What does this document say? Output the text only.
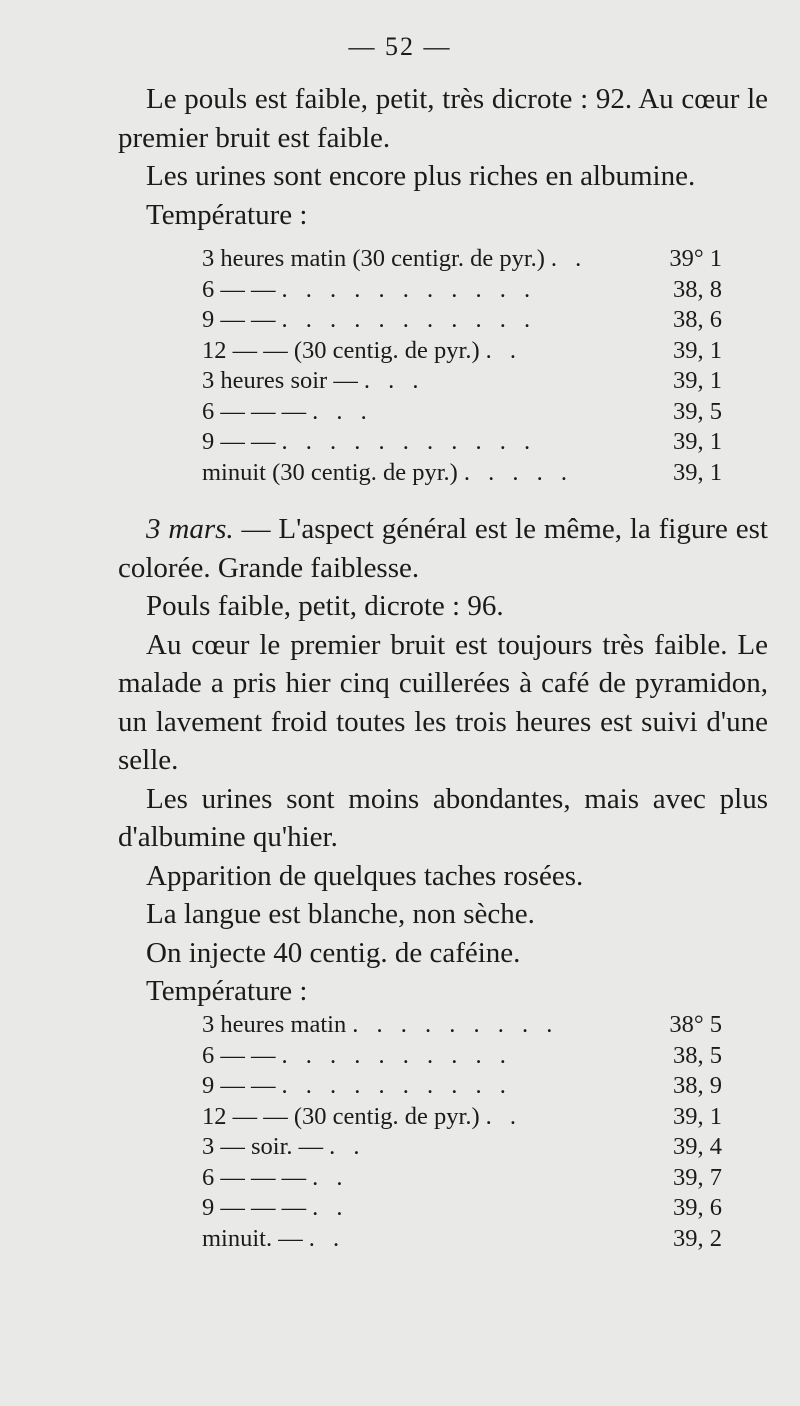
— 52 —

Le pouls est faible, petit, très dicrote : 92. Au cœur le premier bruit est faible.

Les urines sont encore plus riches en albumine.

Température :

3 heures matin (30 centigr. de pyr.) . .	39° 1
6 — — . . . . . . . . . . .	38, 8
9 — — . . . . . . . . . . .	38, 6
12 — — (30 centig. de pyr.) . .	39, 1
3 heures soir — . . .	39, 1
6 — — — . . .	39, 5
9 — — . . . . . . . . . . .	39, 1
minuit (30 centig. de pyr.) . . . . .	39, 1

3 mars. — L'aspect général est le même, la figure est colorée. Grande faiblesse.

Pouls faible, petit, dicrote : 96.

Au cœur le premier bruit est toujours très faible. Le malade a pris hier cinq cuillerées à café de pyramidon, un lavement froid toutes les trois heures est suivi d'une selle.

Les urines sont moins abondantes, mais avec plus d'albumine qu'hier.

Apparition de quelques taches rosées.

La langue est blanche, non sèche.

On injecte 40 centig. de caféine.

Température :

3 heures matin . . . . . . . . .	38° 5
6 — — . . . . . . . . . .	38, 5
9 — — . . . . . . . . . .	38, 9
12 — — (30 centig. de pyr.) . .	39, 1
3 — soir. — . .	39, 4
6 — — — . .	39, 7
9 — — — . .	39, 6
minuit. — . .	39, 2
